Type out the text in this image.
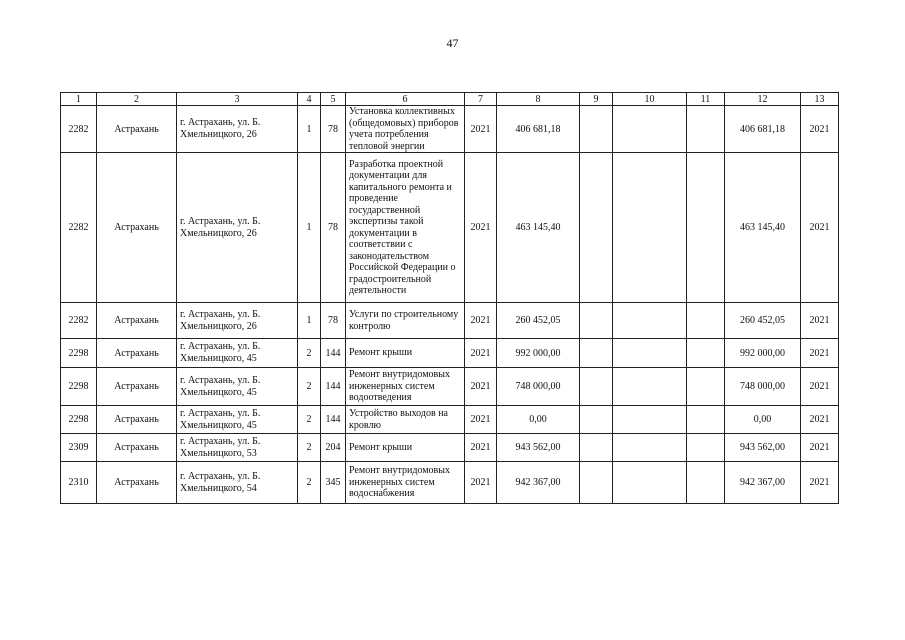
47
1	2	3	4	5	6	7	8	9	10	11	12	13
2282	Астрахань	г. Астрахань, ул. Б. Хмельницкого, 26	1	78	Установка коллективных (общедомовых) приборов учета потребления тепловой энергии	2021	406 681,18				406 681,18	2021
2282	Астрахань	г. Астрахань, ул. Б. Хмельницкого, 26	1	78	Разработка проектной документации для капитального ремонта и проведение государственной экспертизы такой документации в соответствии с законодательством Российской Федерации о градостроительной деятельности	2021	463 145,40				463 145,40	2021
2282	Астрахань	г. Астрахань, ул. Б. Хмельницкого, 26	1	78	Услуги по строительному контролю	2021	260 452,05				260 452,05	2021
2298	Астрахань	г. Астрахань, ул. Б. Хмельницкого, 45	2	144	Ремонт крыши	2021	992 000,00				992 000,00	2021
2298	Астрахань	г. Астрахань, ул. Б. Хмельницкого, 45	2	144	Ремонт внутридомовых инженерных систем водоотведения	2021	748 000,00				748 000,00	2021
2298	Астрахань	г. Астрахань, ул. Б. Хмельницкого, 45	2	144	Устройство выходов на кровлю	2021	0,00				0,00	2021
2309	Астрахань	г. Астрахань, ул. Б. Хмельницкого, 53	2	204	Ремонт крыши	2021	943 562,00				943 562,00	2021
2310	Астрахань	г. Астрахань, ул. Б. Хмельницкого, 54	2	345	Ремонт внутридомовых инженерных систем водоснабжения	2021	942 367,00				942 367,00	2021
